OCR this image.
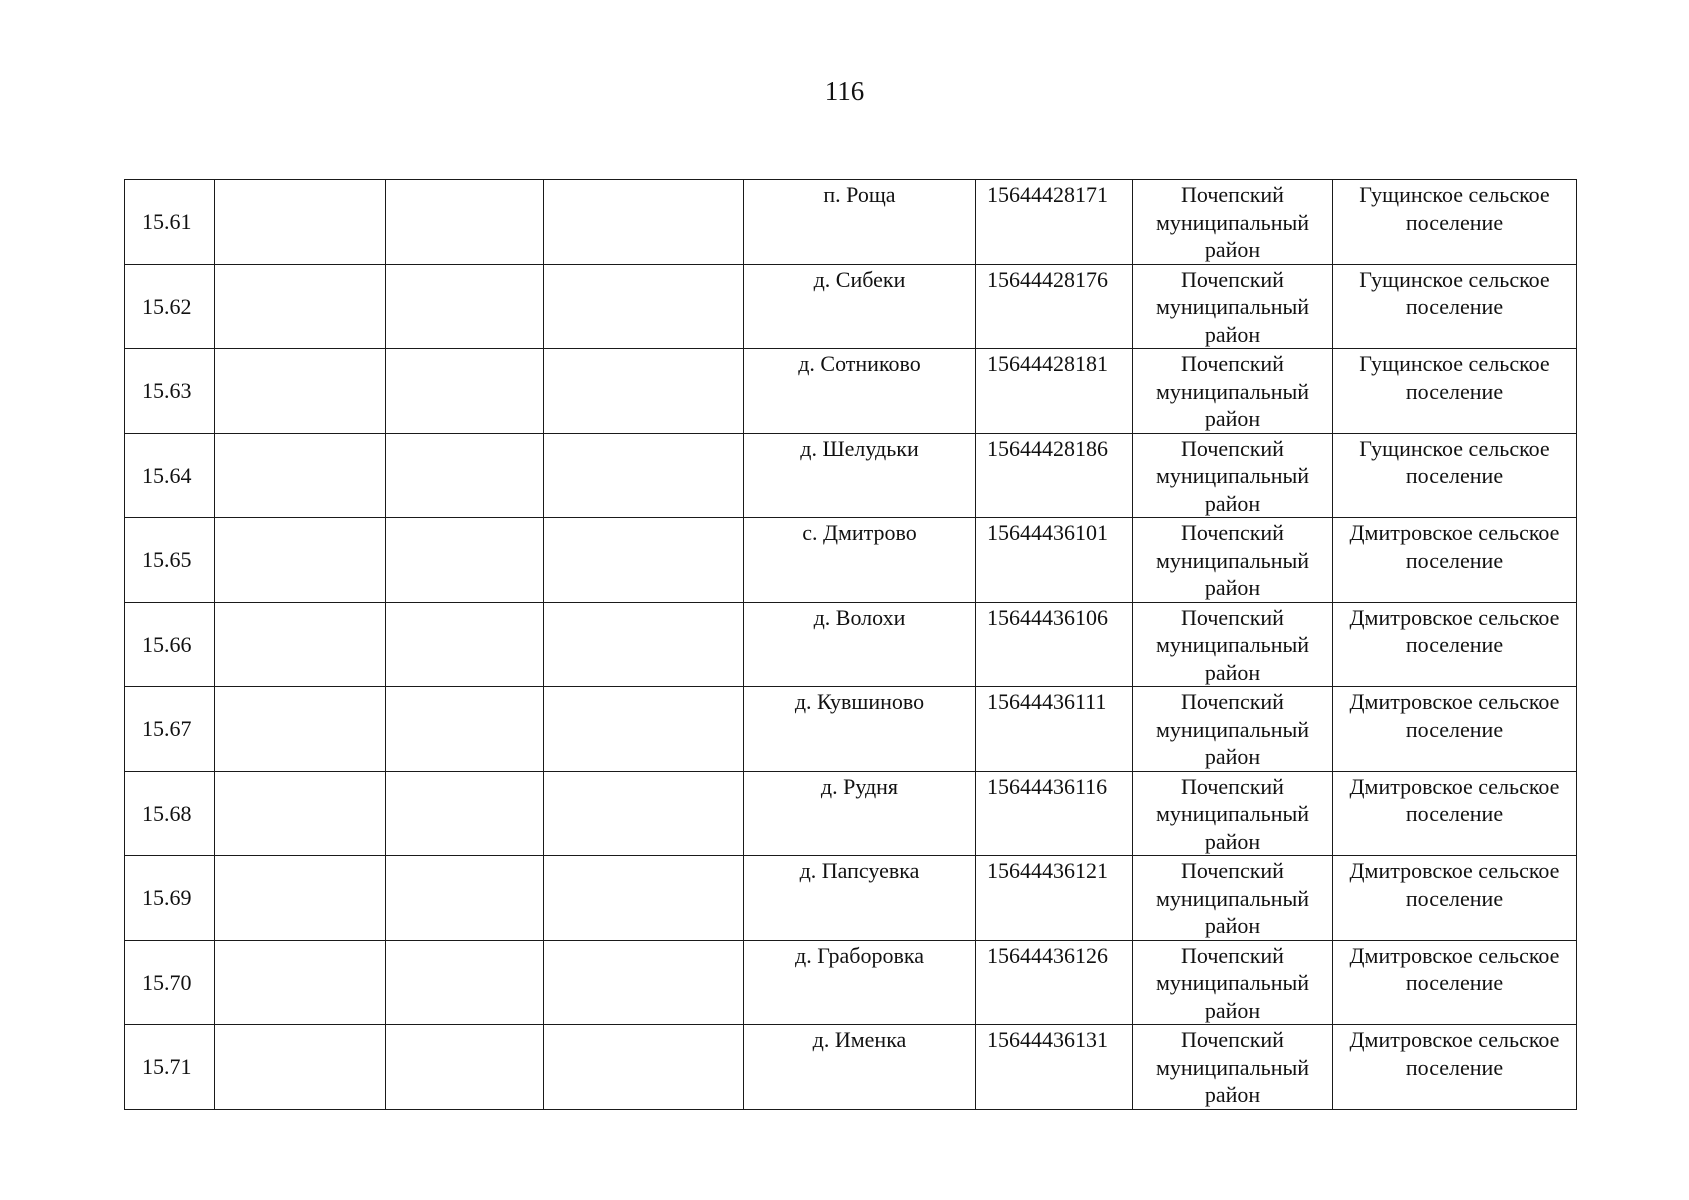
116
15.61				п. Роща	15644428171	Почепский муниципальный район	Гущинское сельское поселение
15.62				д. Сибеки	15644428176	Почепский муниципальный район	Гущинское сельское поселение
15.63				д. Сотниково	15644428181	Почепский муниципальный район	Гущинское сельское поселение
15.64				д. Шелудьки	15644428186	Почепский муниципальный район	Гущинское сельское поселение
15.65				с. Дмитрово	15644436101	Почепский муниципальный район	Дмитровское сельское поселение
15.66				д. Волохи	15644436106	Почепский муниципальный район	Дмитровское сельское поселение
15.67				д. Кувшиново	15644436111	Почепский муниципальный район	Дмитровское сельское поселение
15.68				д. Рудня	15644436116	Почепский муниципальный район	Дмитровское сельское поселение
15.69				д. Папсуевка	15644436121	Почепский муниципальный район	Дмитровское сельское поселение
15.70				д. Граборовка	15644436126	Почепский муниципальный район	Дмитровское сельское поселение
15.71				д. Именка	15644436131	Почепский муниципальный район	Дмитровское сельское поселение
